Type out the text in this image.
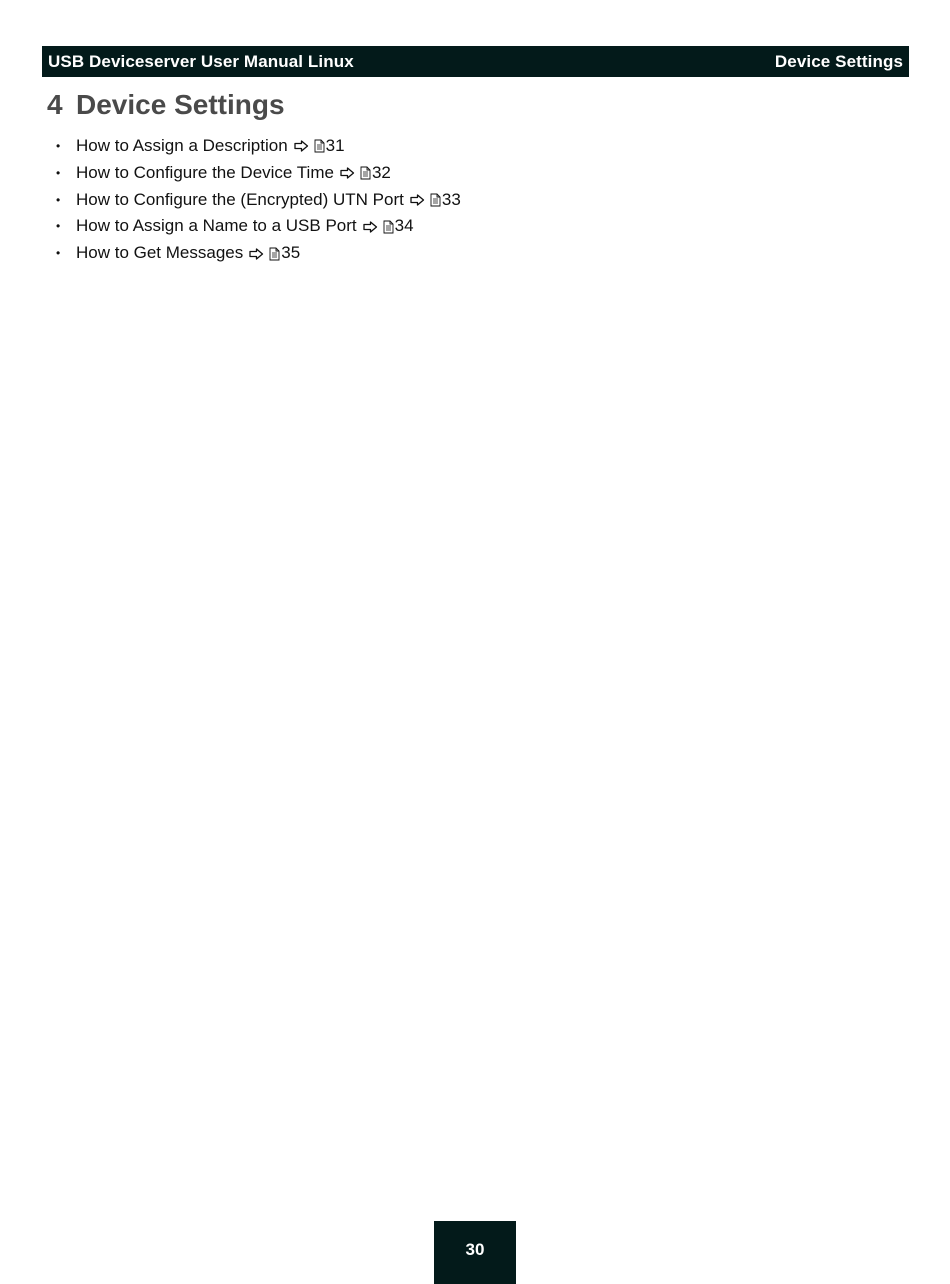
USB Deviceserver User Manual Linux	Device Settings
4 Device Settings
• How to Assign a Description 31
• How to Configure the Device Time 32
• How to Configure the (Encrypted) UTN Port 33
• How to Assign a Name to a USB Port 34
• How to Get Messages 35
30
